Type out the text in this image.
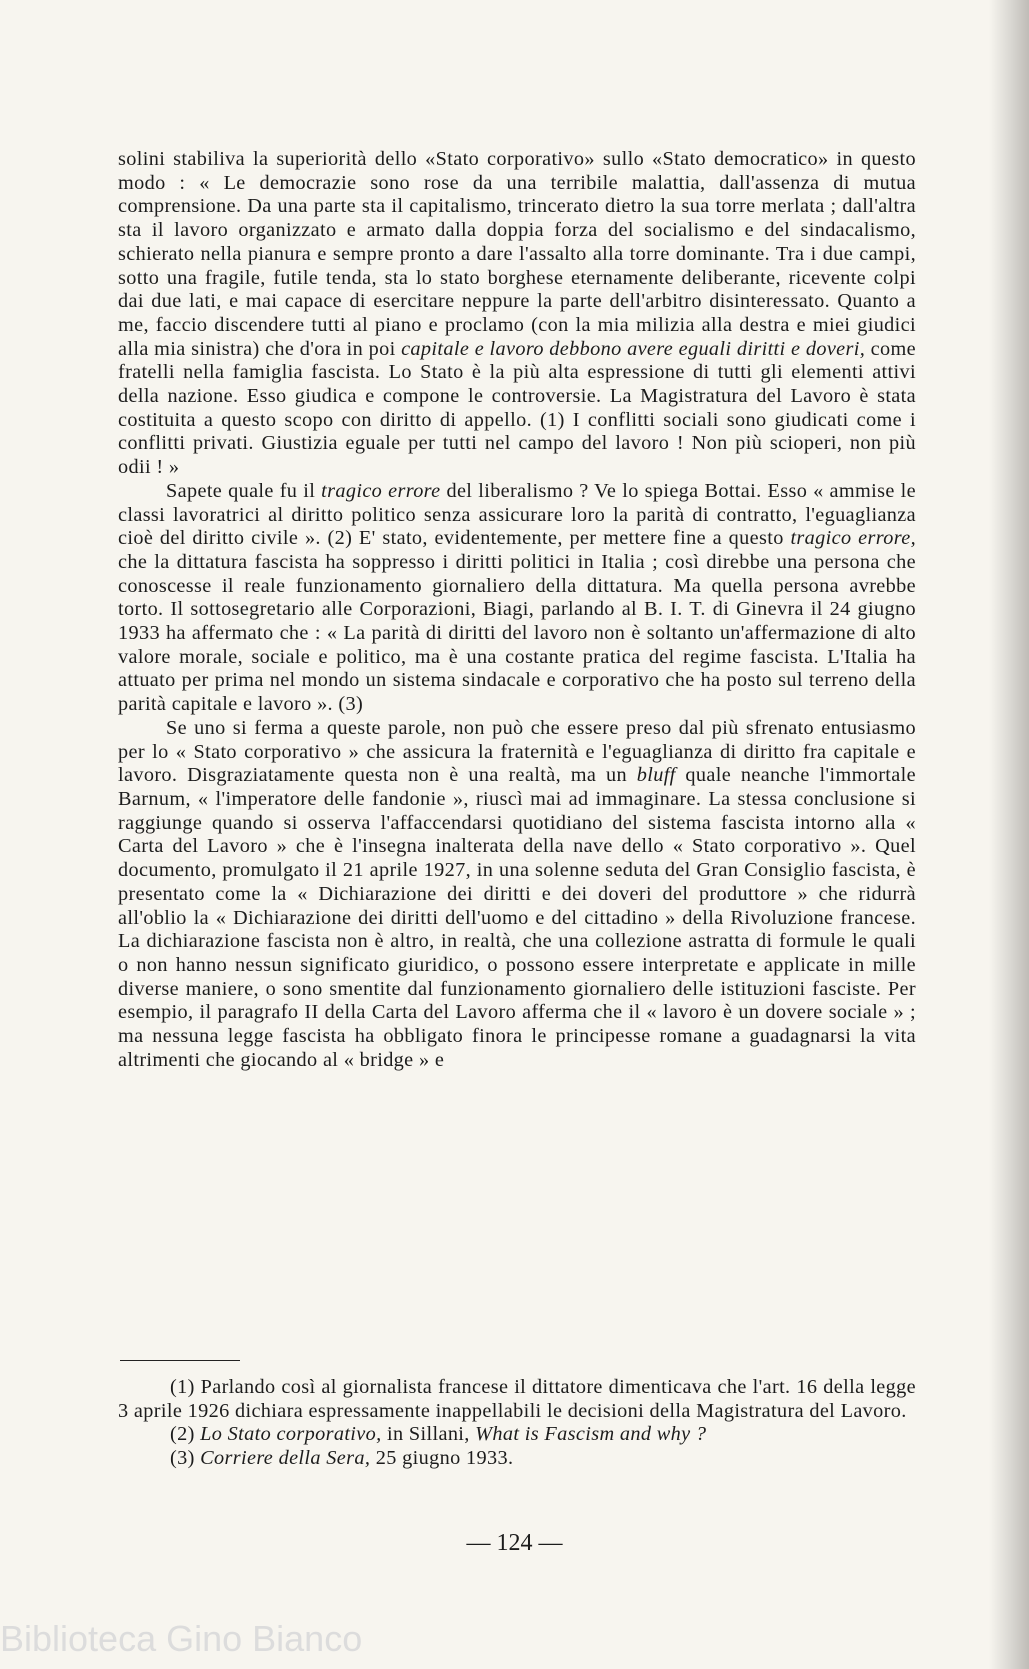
solini stabiliva la superiorità dello «Stato corporativo» sullo «Stato democratico» in questo modo : « Le democrazie sono rose da una terribile malattia, dall'assenza di mutua comprensione. Da una parte sta il capitalismo, trincerato dietro la sua torre merlata ; dall'altra sta il lavoro organizzato e armato dalla doppia forza del socialismo e del sindacalismo, schierato nella pianura e sempre pronto a dare l'assalto alla torre dominante. Tra i due campi, sotto una fragile, futile tenda, sta lo stato borghese eternamente deliberante, ricevente colpi dai due lati, e mai capace di esercitare neppure la parte dell'arbitro disinteressato. Quanto a me, faccio discendere tutti al piano e proclamo (con la mia milizia alla destra e miei giudici alla mia sinistra) che d'ora in poi capitale e lavoro debbono avere eguali diritti e doveri, come fratelli nella famiglia fascista. Lo Stato è la più alta espressione di tutti gli elementi attivi della nazione. Esso giudica e compone le controversie. La Magistratura del Lavoro è stata costituita a questo scopo con diritto di appello. (1) I conflitti sociali sono giudicati come i conflitti privati. Giustizia eguale per tutti nel campo del lavoro ! Non più scioperi, non più odii ! »

Sapete quale fu il tragico errore del liberalismo ? Ve lo spiega Bottai. Esso « ammise le classi lavoratrici al diritto politico senza assicurare loro la parità di contratto, l'eguaglianza cioè del diritto civile ». (2) E' stato, evidentemente, per mettere fine a questo tragico errore, che la dittatura fascista ha soppresso i diritti politici in Italia ; così direbbe una persona che conoscesse il reale funzionamento giornaliero della dittatura. Ma quella persona avrebbe torto. Il sottosegretario alle Corporazioni, Biagi, parlando al B. I. T. di Ginevra il 24 giugno 1933 ha affermato che : « La parità di diritti del lavoro non è soltanto un'affermazione di alto valore morale, sociale e politico, ma è una costante pratica del regime fascista. L'Italia ha attuato per prima nel mondo un sistema sindacale e corporativo che ha posto sul terreno della parità capitale e lavoro ». (3)

Se uno si ferma a queste parole, non può che essere preso dal più sfrenato entusiasmo per lo « Stato corporativo » che assicura la fraternità e l'eguaglianza di diritto fra capitale e lavoro. Disgraziatamente questa non è una realtà, ma un bluff quale neanche l'immortale Barnum, « l'imperatore delle fandonie », riuscì mai ad immaginare. La stessa conclusione si raggiunge quando si osserva l'affaccendarsi quotidiano del sistema fascista intorno alla « Carta del Lavoro » che è l'insegna inalterata della nave dello « Stato corporativo ». Quel documento, promulgato il 21 aprile 1927, in una solenne seduta del Gran Consiglio fascista, è presentato come la « Dichiarazione dei diritti e dei doveri del produttore » che ridurrà all'oblio la « Dichiarazione dei diritti dell'uomo e del cittadino » della Rivoluzione francese. La dichiarazione fascista non è altro, in realtà, che una collezione astratta di formule le quali o non hanno nessun significato giuridico, o possono essere interpretate e applicate in mille diverse maniere, o sono smentite dal funzionamento giornaliero delle istituzioni fasciste. Per esempio, il paragrafo II della Carta del Lavoro afferma che il « lavoro è un dovere sociale » ; ma nessuna legge fascista ha obbligato finora le principesse romane a guadagnarsi la vita altrimenti che giocando al « bridge » e

(1) Parlando così al giornalista francese il dittatore dimenticava che l'art. 16 della legge 3 aprile 1926 dichiara espressamente inappellabili le decisioni della Magistratura del Lavoro.

(2) Lo Stato corporativo, in Sillani, What is Fascism and why ?

(3) Corriere della Sera, 25 giugno 1933.

— 124 —
Biblioteca Gino Bianco
